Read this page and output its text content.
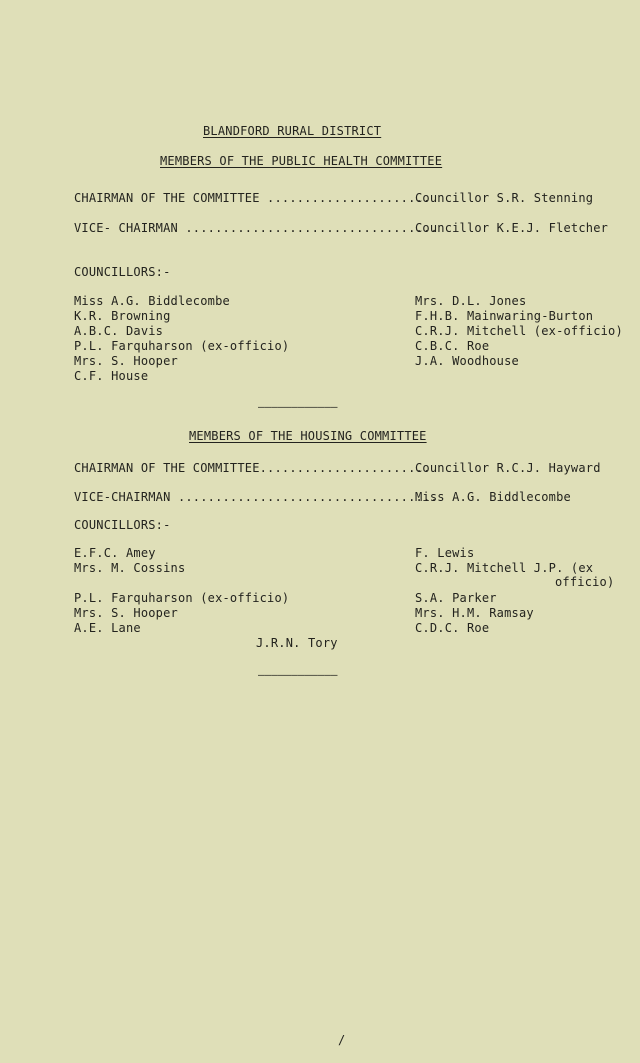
BLANDFORD RURAL DISTRICT
MEMBERS OF THE PUBLIC HEALTH COMMITTEE
CHAIRMAN OF THE COMMITTEE ......................
Councillor S.R. Stenning
VICE- CHAIRMAN ..................................
Councillor K.E.J. Fletcher
COUNCILLORS:-
Miss A.G. Biddlecombe
K.R. Browning
A.B.C. Davis
P.L. Farquharson (ex-officio)
Mrs. S. Hooper
C.F. House
Mrs. D.L. Jones
F.H.B. Mainwaring-Burton
C.R.J. Mitchell (ex-officio)
C.B.C. Roe
J.A. Woodhouse
————————————
MEMBERS OF THE HOUSING COMMITTEE
CHAIRMAN OF THE COMMITTEE.......................
Councillor R.C.J. Hayward
VICE-CHAIRMAN ...................................
Miss A.G. Biddlecombe
COUNCILLORS:-
E.F.C. Amey
Mrs. M. Cossins
P.L. Farquharson (ex-officio)
Mrs. S. Hooper
A.E. Lane
F. Lewis
C.R.J. Mitchell J.P. (ex
officio)
S.A. Parker
Mrs. H.M. Ramsay
C.D.C. Roe
J.R.N. Tory
————————————
/
